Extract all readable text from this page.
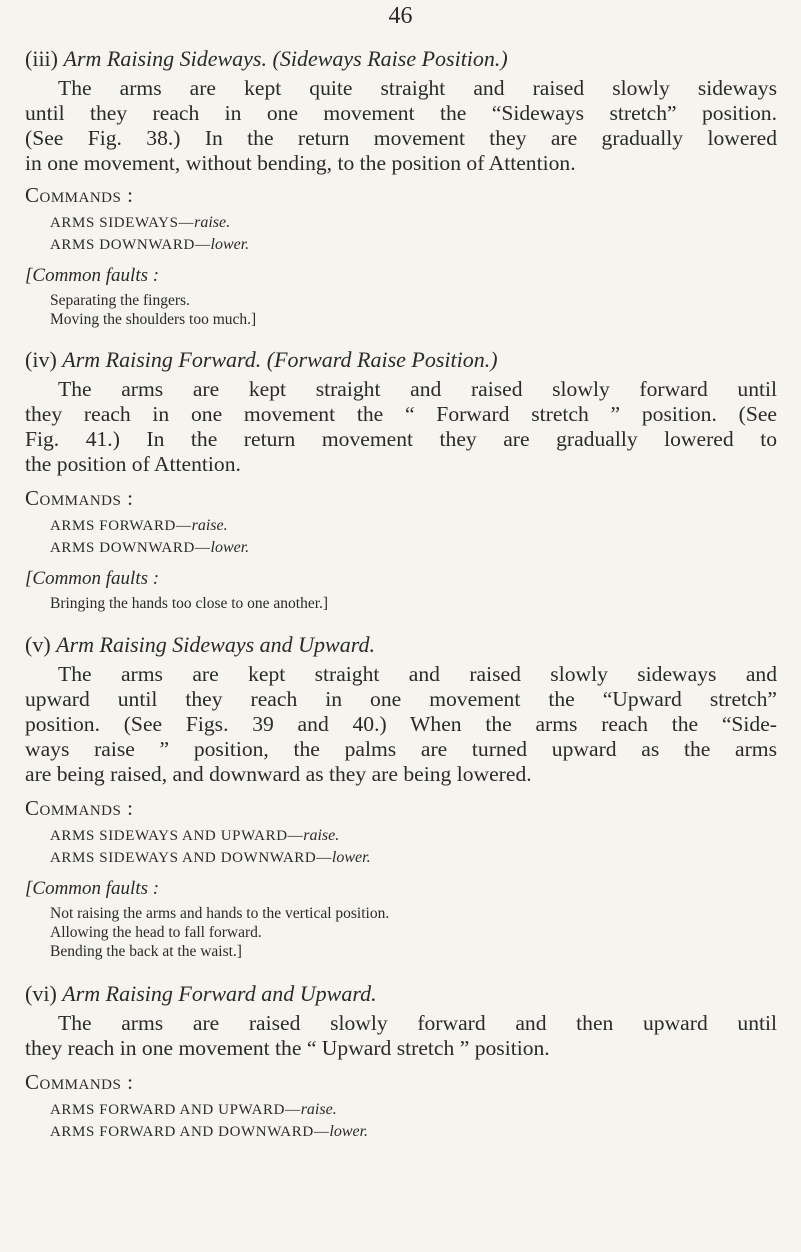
46
(iii) Arm Raising Sideways. (Sideways Raise Position.)
The arms are kept quite straight and raised slowly sideways
until they reach in one movement the “Sideways stretch” position.
(See Fig. 38.) In the return movement they are gradually lowered
in one movement, without bending, to the position of Attention.
Commands :
ARMS SIDEWAYS—raise.
ARMS DOWNWARD—lower.
[Common faults :
Separating the fingers.
Moving the shoulders too much.]
(iv) Arm Raising Forward. (Forward Raise Position.)
The arms are kept straight and raised slowly forward until
they reach in one movement the “ Forward stretch ” position. (See
Fig. 41.) In the return movement they are gradually lowered to
the position of Attention.
Commands :
ARMS FORWARD—raise.
ARMS DOWNWARD—lower.
[Common faults :
Bringing the hands too close to one another.]
(v) Arm Raising Sideways and Upward.
The arms are kept straight and raised slowly sideways and
upward until they reach in one movement the “Upward stretch”
position. (See Figs. 39 and 40.) When the arms reach the “Side-
ways raise ” position, the palms are turned upward as the arms
are being raised, and downward as they are being lowered.
Commands :
ARMS SIDEWAYS AND UPWARD—raise.
ARMS SIDEWAYS AND DOWNWARD—lower.
[Common faults :
Not raising the arms and hands to the vertical position.
Allowing the head to fall forward.
Bending the back at the waist.]
(vi) Arm Raising Forward and Upward.
The arms are raised slowly forward and then upward until
they reach in one movement the “ Upward stretch ” position.
Commands :
ARMS FORWARD AND UPWARD—raise.
ARMS FORWARD AND DOWNWARD—lower.
